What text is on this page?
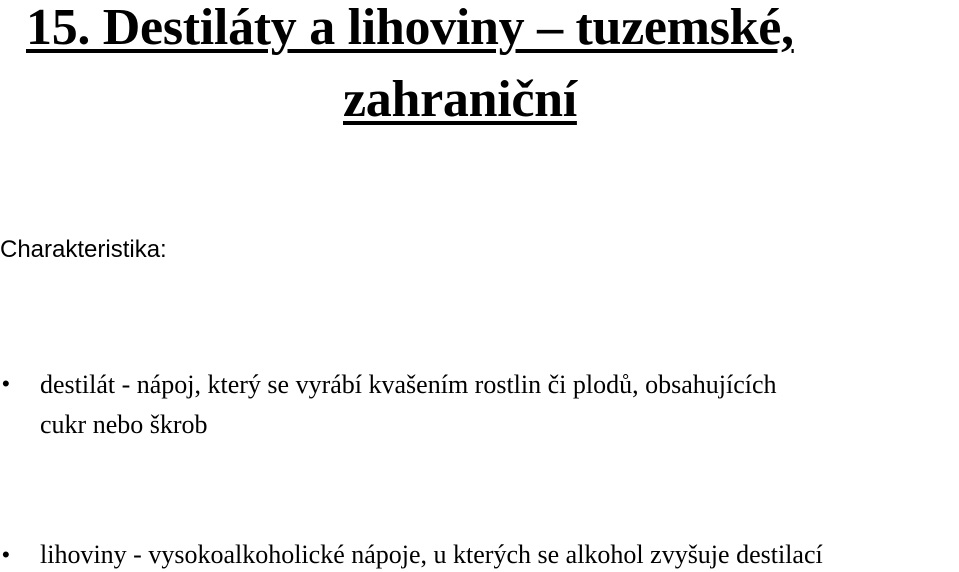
15. Destiláty a lihoviny – tuzemské,
zahraniční
Charakteristika:
• destilát - nápoj, který se vyrábí kvašením rostlin či plodů, obsahujících
cukr nebo škrob
• lihoviny - vysokoalkoholické nápoje, u kterých se alkohol zvyšuje destilací
